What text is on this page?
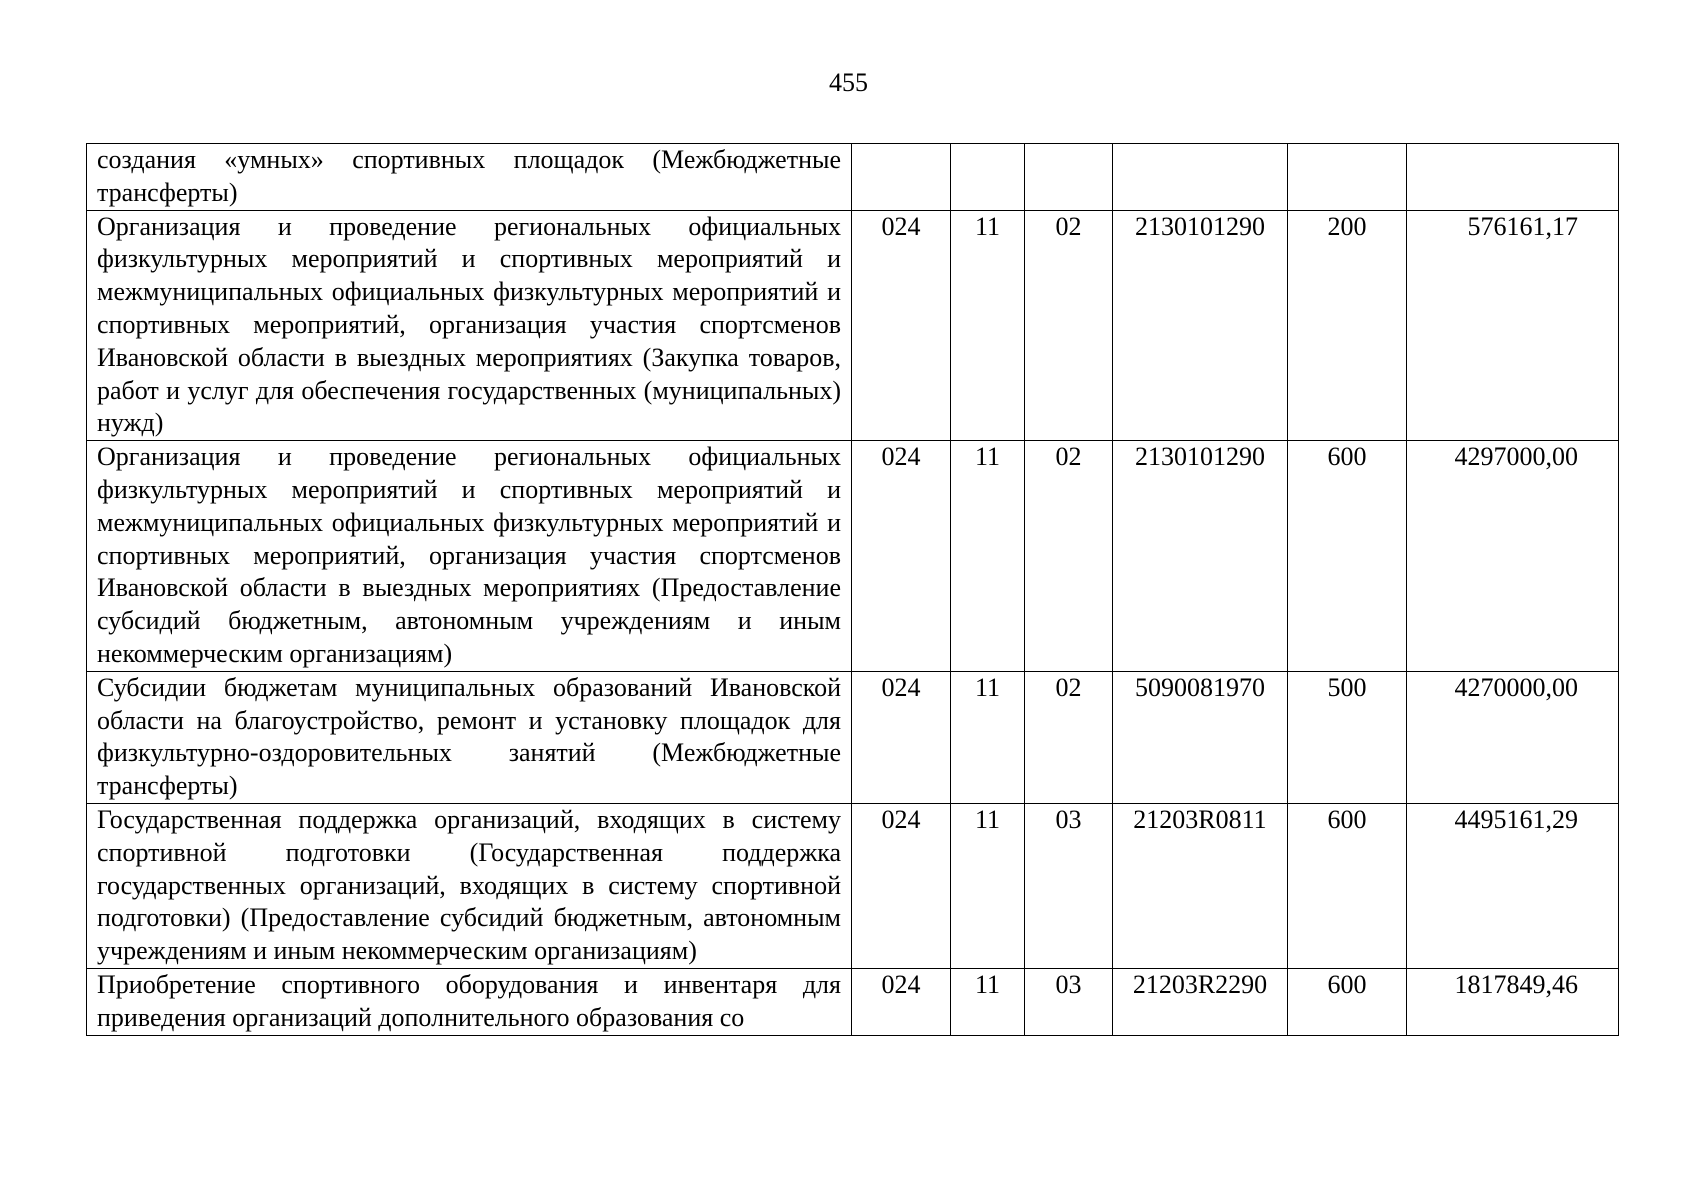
455
создания «умных» спортивных площадок (Межбюджетные трансферты)						
Организация и проведение региональных официальных физкультурных мероприятий и спортивных мероприятий и межмуниципальных официальных физкультурных мероприятий и спортивных мероприятий, организация участия спортсменов Ивановской области в выездных мероприятиях (Закупка товаров, работ и услуг для обеспечения государственных (муниципальных) нужд)	024	11	02	2130101290	200	576161,17
Организация и проведение региональных официальных физкультурных мероприятий и спортивных мероприятий и межмуниципальных официальных физкультурных мероприятий и спортивных мероприятий, организация участия спортсменов Ивановской области в выездных мероприятиях (Предоставление субсидий бюджетным, автономным учреждениям и иным некоммерческим организациям)	024	11	02	2130101290	600	4297000,00
Субсидии бюджетам муниципальных образований Ивановской области на благоустройство, ремонт и установку площадок для физкультурно-оздоровительных занятий (Межбюджетные трансферты)	024	11	02	5090081970	500	4270000,00
Государственная поддержка организаций, входящих в систему спортивной подготовки (Государственная поддержка государственных организаций, входящих в систему спортивной подготовки) (Предоставление субсидий бюджетным, автономным учреждениям и иным некоммерческим организациям)	024	11	03	21203R0811	600	4495161,29
Приобретение спортивного оборудования и инвентаря для приведения организаций дополнительного образования со	024	11	03	21203R2290	600	1817849,46
